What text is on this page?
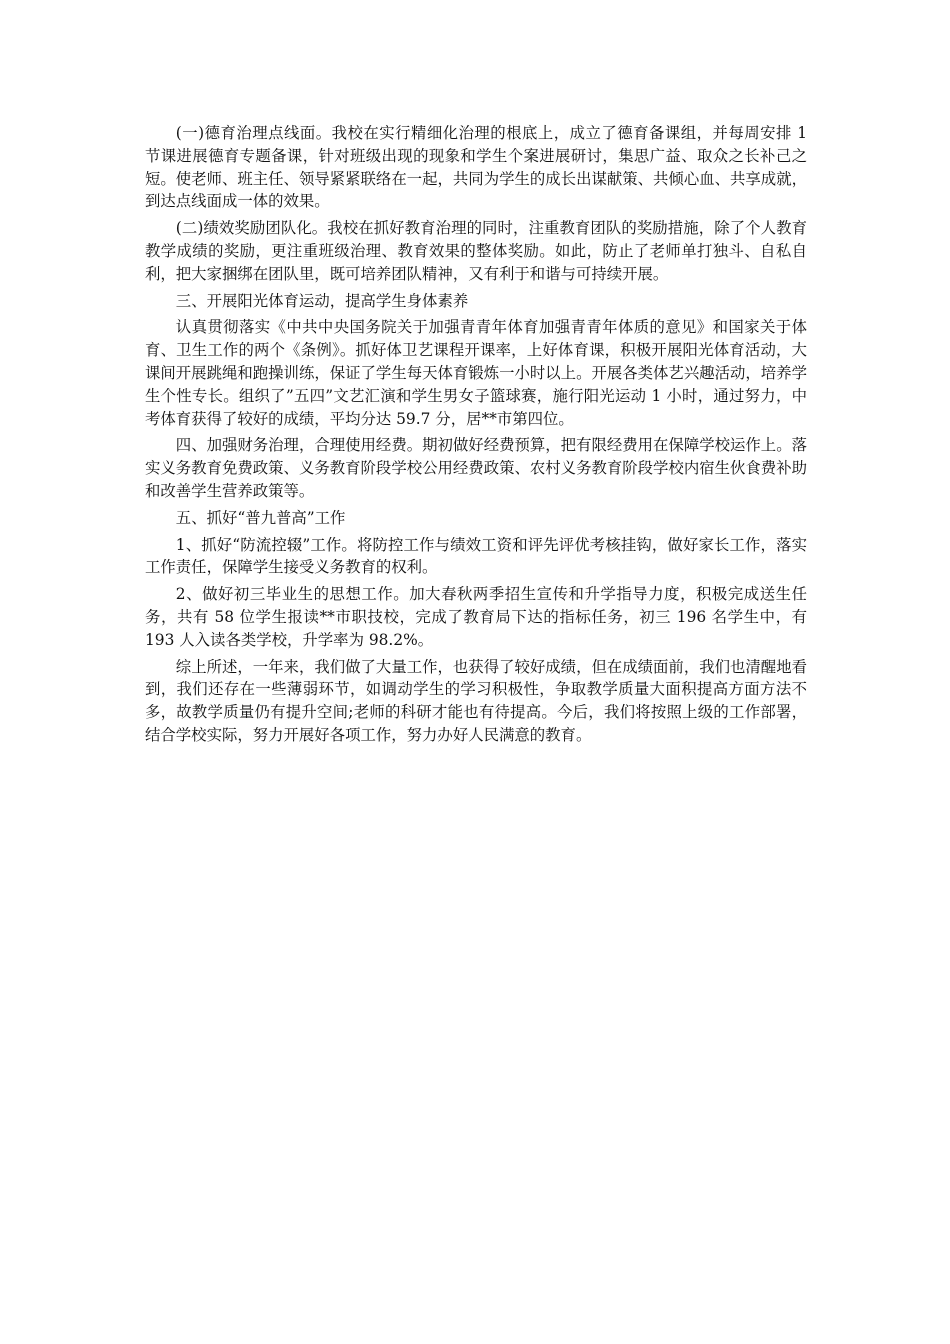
(一)德育治理点线面。我校在实行精细化治理的根底上，成立了德育备课组，并每周安排 1 节课进展德育专题备课，针对班级出现的现象和学生个案进展研讨，集思广益、取众之长补己之短。使老师、班主任、领导紧紧联络在一起，共同为学生的成长出谋献策、共倾心血、共享成就，到达点线面成一体的效果。

(二)绩效奖励团队化。我校在抓好教育治理的同时，注重教育团队的奖励措施，除了个人教育教学成绩的奖励，更注重班级治理、教育效果的整体奖励。如此，防止了老师单打独斗、自私自利，把大家捆绑在团队里，既可培养团队精神，又有利于和谐与可持续开展。

三、开展阳光体育运动，提高学生身体素养

认真贯彻落实《中共中央国务院关于加强青青年体育加强青青年体质的意见》和国家关于体育、卫生工作的两个《条例》。抓好体卫艺课程开课率，上好体育课，积极开展阳光体育活动，大课间开展跳绳和跑操训练，保证了学生每天体育锻炼一小时以上。开展各类体艺兴趣活动，培养学生个性专长。组织了”五四”文艺汇演和学生男女子篮球赛，施行阳光运动 1 小时，通过努力，中考体育获得了较好的成绩，平均分达 59.7 分，居**市第四位。

四、加强财务治理，合理使用经费。期初做好经费预算，把有限经费用在保障学校运作上。落实义务教育免费政策、义务教育阶段学校公用经费政策、农村义务教育阶段学校内宿生伙食费补助和改善学生营养政策等。

五、抓好“普九普高”工作

1、抓好“防流控辍”工作。将防控工作与绩效工资和评先评优考核挂钩，做好家长工作，落实工作责任，保障学生接受义务教育的权利。

2、做好初三毕业生的思想工作。加大春秋两季招生宣传和升学指导力度，积极完成送生任务，共有 58 位学生报读**市职技校，完成了教育局下达的指标任务，初三 196 名学生中，有 193 人入读各类学校，升学率为 98.2%。

综上所述，一年来，我们做了大量工作，也获得了较好成绩，但在成绩面前，我们也清醒地看到，我们还存在一些薄弱环节，如调动学生的学习积极性，争取教学质量大面积提高方面方法不多，故教学质量仍有提升空间;老师的科研才能也有待提高。今后，我们将按照上级的工作部署，结合学校实际，努力开展好各项工作，努力办好人民满意的教育。
